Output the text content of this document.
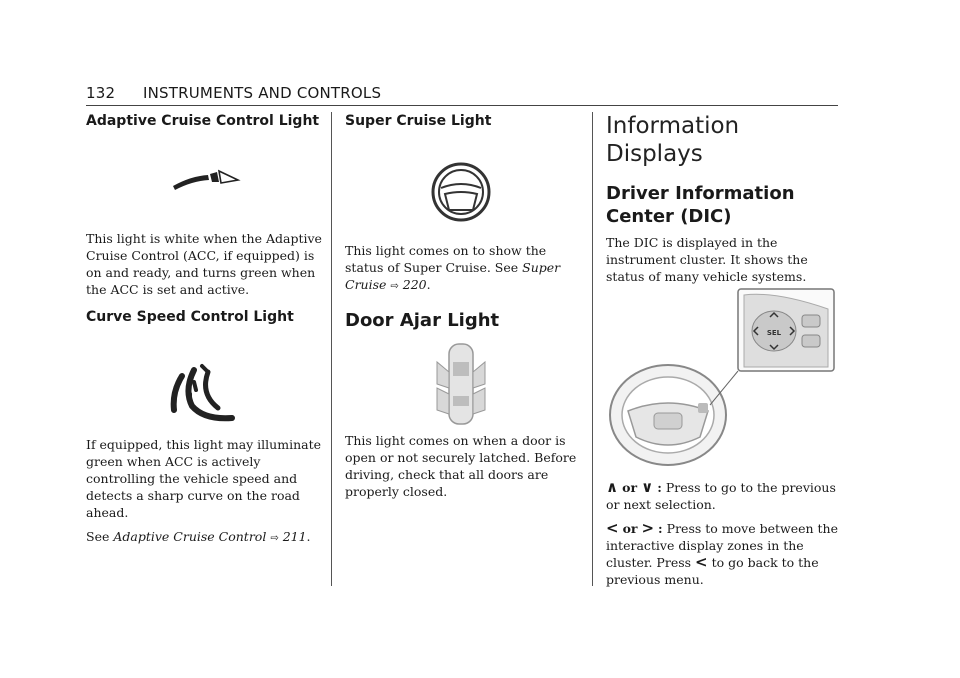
132 INSTRUMENTS AND CONTROLS
Adaptive Cruise Control Light

This light is white when the Adaptive Cruise Control (ACC, if equipped) is on and ready, and turns green when the ACC is set and active.

Curve Speed Control Light

If equipped, this light may illuminate green when ACC is actively controlling the vehicle speed and detects a sharp curve on the road ahead.

See Adaptive Cruise Control ⇨ 211.

Super Cruise Light

This light comes on to show the status of Super Cruise. See Super Cruise ⇨ 220.

Door Ajar Light

This light comes on when a door is open or not securely latched. Before driving, check that all doors are properly closed.

Information Displays
Driver Information
Center (DIC)

The DIC is displayed in the instrument cluster. It shows the status of many vehicle systems.

SEL

∧ or ∨ : Press to go to the previous or next selection.

< or > : Press to move between the interactive display zones in the cluster. Press < to go back to the previous menu.
